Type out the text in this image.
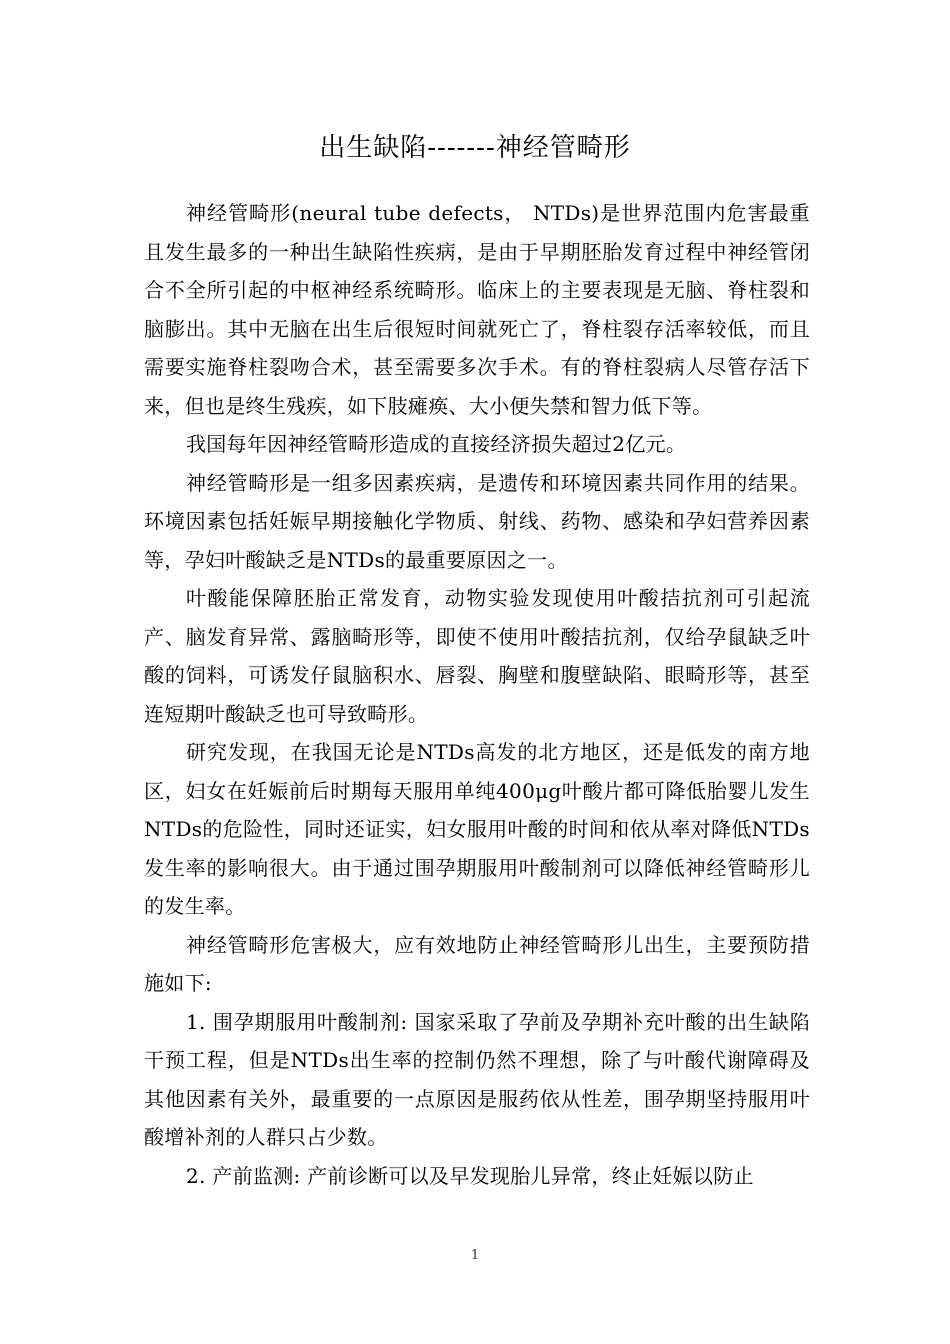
出生缺陷-------神经管畸形

神经管畸形(neural tube defects， NTDs)是世界范围内危害最重且发生最多的一种出生缺陷性疾病，是由于早期胚胎发育过程中神经管闭合不全所引起的中枢神经系统畸形。临床上的主要表现是无脑、脊柱裂和脑膨出。其中无脑在出生后很短时间就死亡了，脊柱裂存活率较低，而且需要实施脊柱裂吻合术，甚至需要多次手术。有的脊柱裂病人尽管存活下来，但也是终生残疾，如下肢瘫痪、大小便失禁和智力低下等。

我国每年因神经管畸形造成的直接经济损失超过2亿元。

神经管畸形是一组多因素疾病，是遗传和环境因素共同作用的结果。环境因素包括妊娠早期接触化学物质、射线、药物、感染和孕妇营养因素等，孕妇叶酸缺乏是NTDs的最重要原因之一。

叶酸能保障胚胎正常发育，动物实验发现使用叶酸拮抗剂可引起流产、脑发育异常、露脑畸形等，即使不使用叶酸拮抗剂，仅给孕鼠缺乏叶酸的饲料，可诱发仔鼠脑积水、唇裂、胸壁和腹壁缺陷、眼畸形等，甚至连短期叶酸缺乏也可导致畸形。

研究发现，在我国无论是NTDs高发的北方地区，还是低发的南方地区，妇女在妊娠前后时期每天服用单纯400μg叶酸片都可降低胎婴儿发生NTDs的危险性，同时还证实，妇女服用叶酸的时间和依从率对降低NTDs发生率的影响很大。由于通过围孕期服用叶酸制剂可以降低神经管畸形儿的发生率。

神经管畸形危害极大，应有效地防止神经管畸形儿出生，主要预防措施如下:

1. 围孕期服用叶酸制剂: 国家采取了孕前及孕期补充叶酸的出生缺陷干预工程，但是NTDs出生率的控制仍然不理想，除了与叶酸代谢障碍及其他因素有关外，最重要的一点原因是服药依从性差，围孕期坚持服用叶酸增补剂的人群只占少数。

2. 产前监测: 产前诊断可以及早发现胎儿异常，终止妊娠以防止

1
